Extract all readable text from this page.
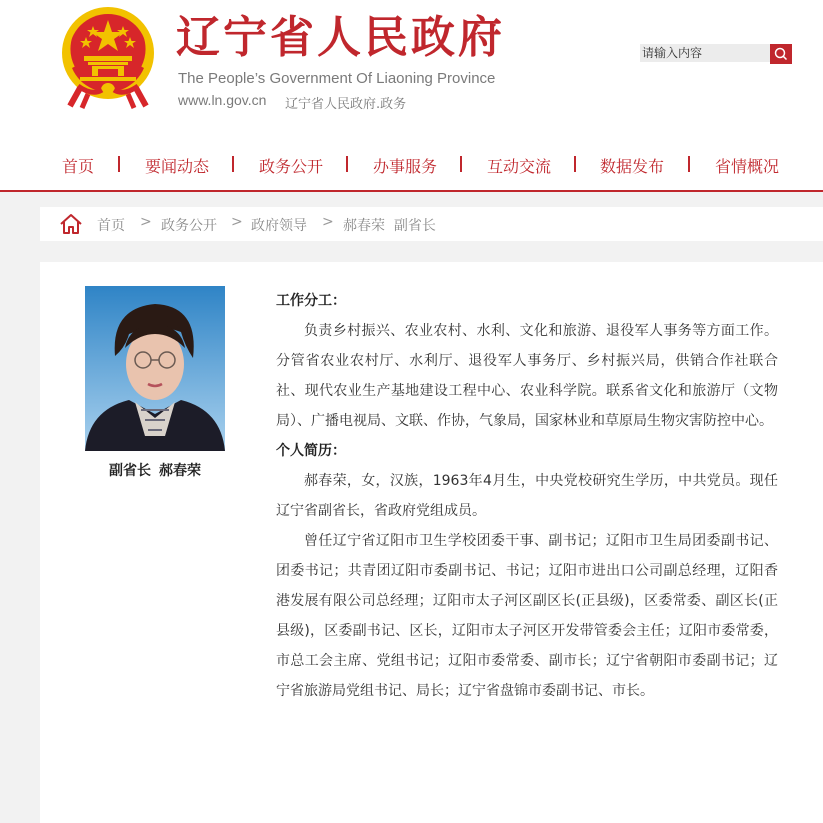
辽宁省人民政府
The People’s Government Of Liaoning Province
www.ln.gov.cn 辽宁省人民政府.政务
请输入内容
首页	要闻动态	政务公开	办事服务	互动交流	数据发布	省情概况
首页 > 政务公开 > 政府领导 > 郝春荣  副省长
副省长 郝春荣
工作分工：
负责乡村振兴、农业农村、水利、文化和旅游、退役军人事务等方面工作。分管省农业农村厅、水利厅、退役军人事务厅、乡村振兴局，供销合作社联合社、现代农业生产基地建设工程中心、农业科学院。联系省文化和旅游厅（文物局）、广播电视局、文联、作协，气象局，国家林业和草原局生物灾害防控中心。
个人简历：
郝春荣，女，汉族，1963年4月生，中央党校研究生学历，中共党员。现任辽宁省副省长，省政府党组成员。
曾任辽宁省辽阳市卫生学校团委干事、副书记；辽阳市卫生局团委副书记、团委书记；共青团辽阳市委副书记、书记；辽阳市进出口公司副总经理，辽阳香港发展有限公司总经理；辽阳市太子河区副区长(正县级)，区委常委、副区长(正县级)，区委副书记、区长，辽阳市太子河区开发带管委会主任；辽阳市委常委，市总工会主席、党组书记；辽阳市委常委、副市长；辽宁省朝阳市委副书记；辽宁省旅游局党组书记、局长；辽宁省盘锦市委副书记、市长。
